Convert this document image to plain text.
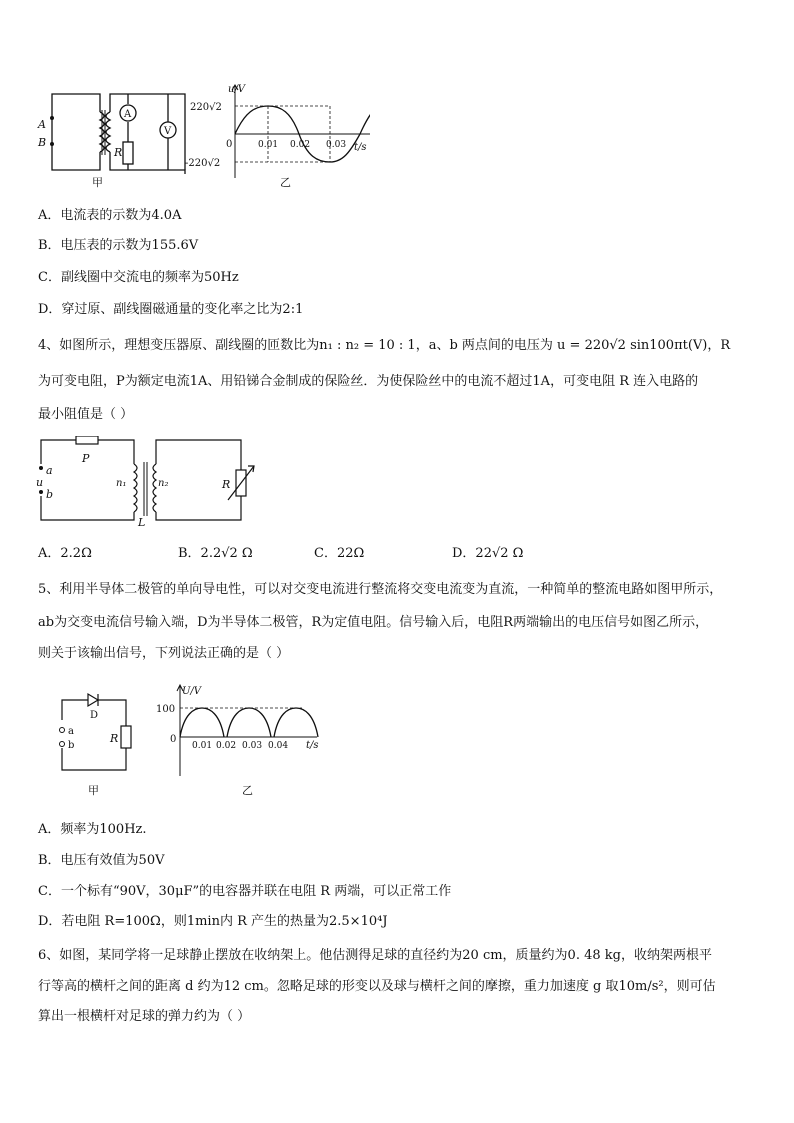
A
B
A
V
R
甲
u/V
220√2
0
-220√2
0.01 0.02 0.03 t/s
乙
A．电流表的示数为4.0A
B．电压表的示数为155.6V
C．副线圈中交流电的频率为50Hz
D．穿过原、副线圈磁通量的变化率之比为2:1
4、如图所示，理想变压器原、副线圈的匝数比为n₁ : n₂ = 10 : 1，a、b 两点间的电压为 u = 220√2 sin100πt(V)，R
为可变电阻，P为额定电流1A、用铅锑合金制成的保险丝．为使保险丝中的电流不超过1A，可变电阻 R 连入电路的
最小阻值是（ ）
P
a
u
b
n₁	n₂
L
R
A．2.2Ω	B．2.2√2 Ω	C．22Ω	D．22√2 Ω
5、利用半导体二极管的单向导电性，可以对交变电流进行整流将交变电流变为直流，一种简单的整流电路如图甲所示，
ab为交变电流信号输入端，D为半导体二极管，R为定值电阻。信号输入后，电阻R两端输出的电压信号如图乙所示，
则关于该输出信号，下列说法正确的是（ ）
D
a
b
R
甲
U/V
100
0
0.01 0.02 0.03 0.04 t/s
乙
A．频率为100Hz.
B．电压有效值为50V
C．一个标有“90V，30μF”的电容器并联在电阻 R 两端，可以正常工作
D．若电阻 R=100Ω，则1min内 R 产生的热量为2.5×10⁴J
6、如图，某同学将一足球静止摆放在收纳架上。他估测得足球的直径约为20 cm，质量约为0. 48 kg，收纳架两根平
行等高的横杆之间的距离 d 约为12 cm。忽略足球的形变以及球与横杆之间的摩擦，重力加速度 g 取10m/s²，则可估
算出一根横杆对足球的弹力约为（ ）
